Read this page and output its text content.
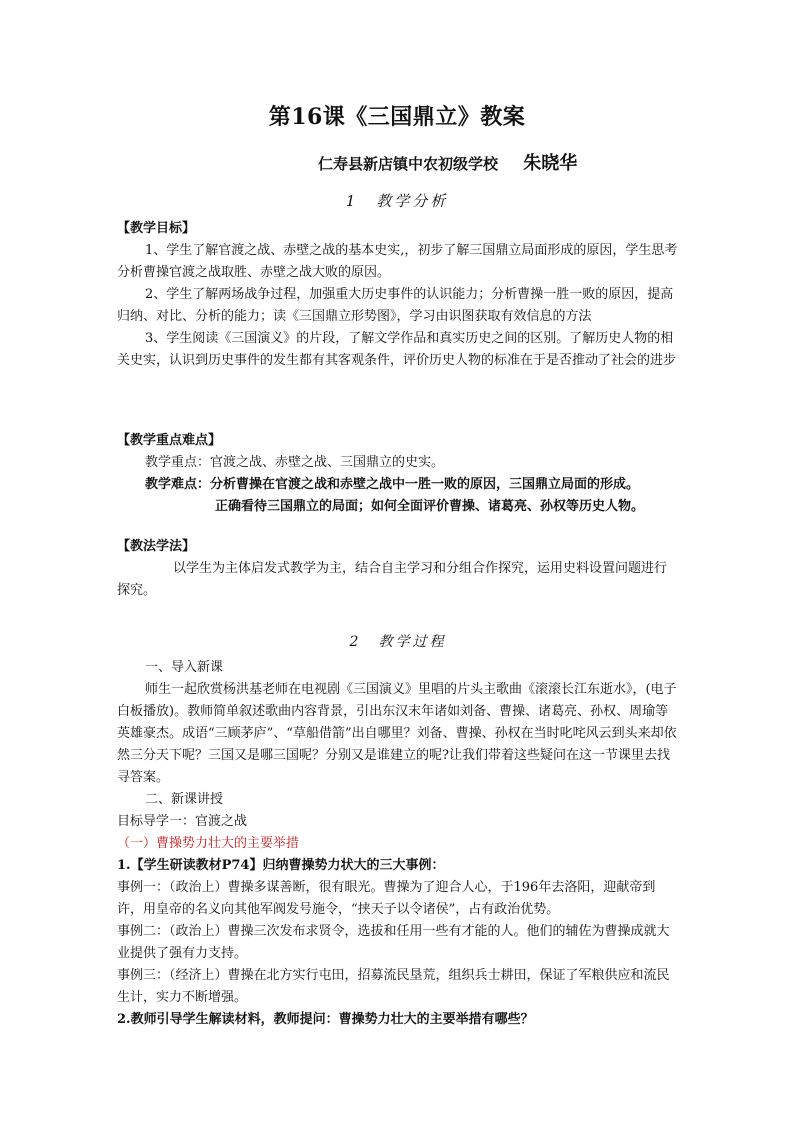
第16课《三国鼎立》教案
仁寿县新店镇中农初级学校 朱晓华
1　教学分析

【教学目标】

1、学生了解官渡之战、赤壁之战的基本史实,，初步了解三国鼎立局面形成的原因，学生思考分析曹操官渡之战取胜、赤壁之战大败的原因。

2、学生了解两场战争过程，加强重大历史事件的认识能力；分析曹操一胜一败的原因，提高归纳、对比、分析的能力；读《三国鼎立形势图》，学习由识图获取有效信息的方法

3、学生阅读《三国演义》的片段，了解文学作品和真实历史之间的区别。了解历史人物的相关史实，认识到历史事件的发生都有其客观条件，评价历史人物的标准在于是否推动了社会的进步

【教学重点难点】

教学重点：官渡之战、赤壁之战、三国鼎立的史实。

教学难点：分析曹操在官渡之战和赤壁之战中一胜一败的原因，三国鼎立局面的形成。

正确看待三国鼎立的局面；如何全面评价曹操、诸葛亮、孙权等历史人物。

【教法学法】

以学生为主体启发式教学为主，结合自主学习和分组合作探究，运用史料设置问题进行探究。

2　教学过程

一、导入新课

师生一起欣赏杨洪基老师在电视剧《三国演义》里唱的片头主歌曲《滚滚长江东逝水》，(电子白板播放)。教师简单叙述歌曲内容背景，引出东汉末年诸如刘备、曹操、诸葛亮、孙权、周瑜等英雄豪杰。成语“三顾茅庐”、“草船借箭”出自哪里？刘备、曹操、孙权在当时叱咤风云到头来却依然三分天下呢？三国又是哪三国呢？分别又是谁建立的呢?让我们带着这些疑问在这一节课里去找寻答案。

二、新课讲授

目标导学一：官渡之战

（一）曹操势力壮大的主要举措

1.【学生研读教材P74】归纳曹操势力状大的三大事例：

事例一：（政治上）曹操多谋善断，很有眼光。曹操为了迎合人心，于196年去洛阳，迎献帝到许，用皇帝的名义向其他军阀发号施令，“挟天子以令诸侯”，占有政治优势。

事例二：（政治上）曹操三次发布求贤令，选拔和任用一些有才能的人。他们的辅佐为曹操成就大业提供了强有力支持。

事例三：（经济上）曹操在北方实行屯田，招募流民垦荒，组织兵士耕田，保证了军粮供应和流民生计，实力不断增强。

2.教师引导学生解读材料，教师提问：曹操势力壮大的主要举措有哪些？
